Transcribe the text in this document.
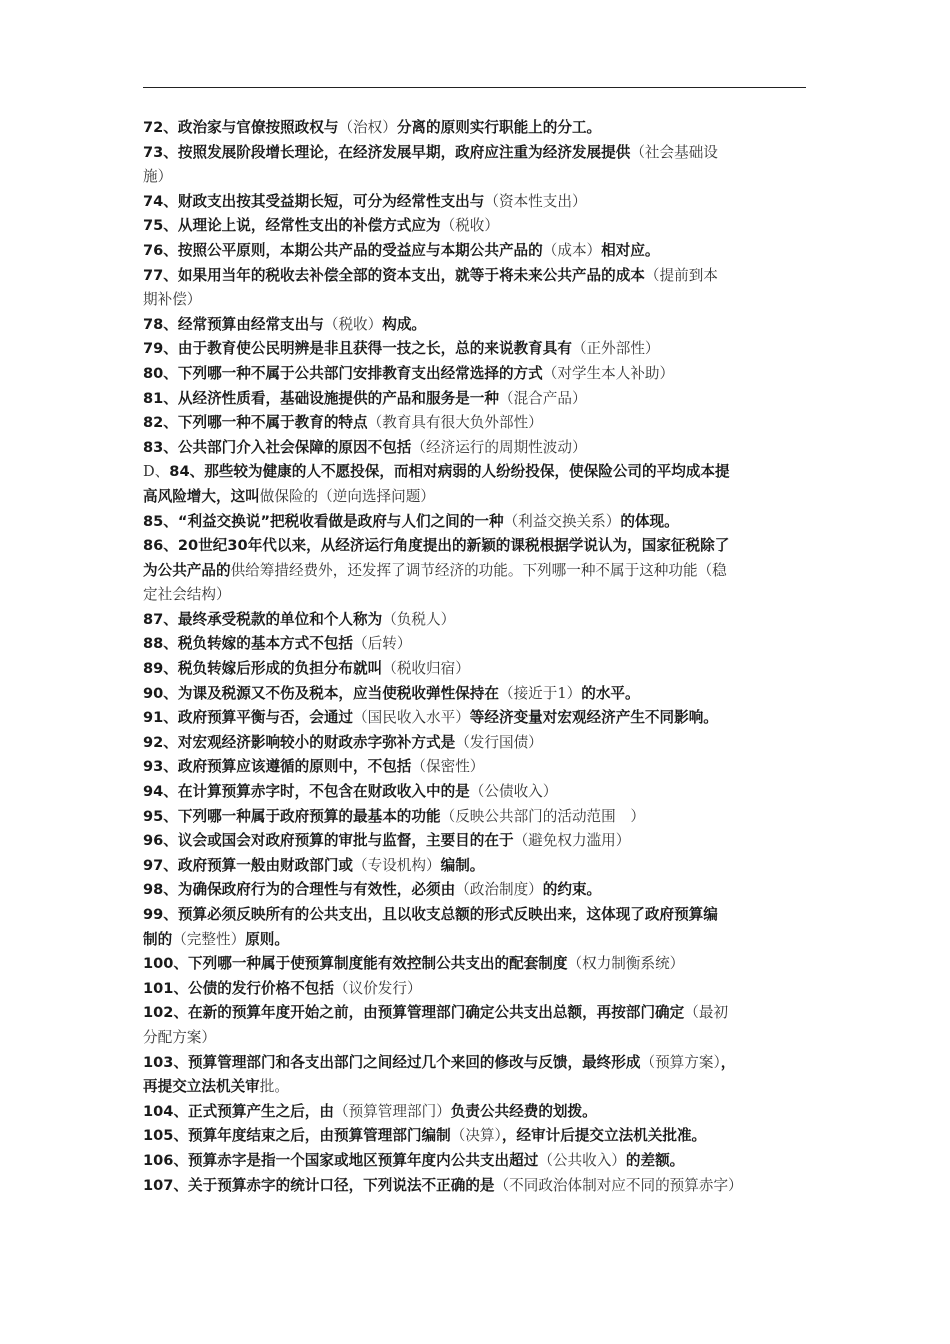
72、政治家与官僚按照政权与（治权）分离的原则实行职能上的分工。
73、按照发展阶段增长理论，在经济发展早期，政府应注重为经济发展提供（社会基础设
施）
74、财政支出按其受益期长短，可分为经常性支出与（资本性支出）
75、从理论上说，经常性支出的补偿方式应为（税收）
76、按照公平原则，本期公共产品的受益应与本期公共产品的（成本）相对应。
77、如果用当年的税收去补偿全部的资本支出，就等于将未来公共产品的成本（提前到本
期补偿）
78、经常预算由经常支出与（税收）构成。
79、由于教育使公民明辨是非且获得一技之长，总的来说教育具有（正外部性）
80、下列哪一种不属于公共部门安排教育支出经常选择的方式（对学生本人补助）
81、从经济性质看，基础设施提供的产品和服务是一种（混合产品）
82、下列哪一种不属于教育的特点（教育具有很大负外部性）
83、公共部门介入社会保障的原因不包括（经济运行的周期性波动）
D、84、那些较为健康的人不愿投保，而相对病弱的人纷纷投保，使保险公司的平均成本提
高风险增大，这叫做保险的（逆向选择问题）
85、“利益交换说”把税收看做是政府与人们之间的一种（利益交换关系）的体现。
86、20世纪30年代以来，从经济运行角度提出的新颖的课税根据学说认为，国家征税除了
为公共产品的供给筹措经费外，还发挥了调节经济的功能。下列哪一种不属于这种功能（稳
定社会结构）
87、最终承受税款的单位和个人称为（负税人）
88、税负转嫁的基本方式不包括（后转）
89、税负转嫁后形成的负担分布就叫（税收归宿）
90、为课及税源又不伤及税本，应当使税收弹性保持在（接近于1）的水平。
91、政府预算平衡与否，会通过（国民收入水平）等经济变量对宏观经济产生不同影响。
92、对宏观经济影响较小的财政赤字弥补方式是（发行国债）
93、政府预算应该遵循的原则中，不包括（保密性）
94、在计算预算赤字时，不包含在财政收入中的是（公债收入）
95、下列哪一种属于政府预算的最基本的功能（反映公共部门的活动范围　）
96、议会或国会对政府预算的审批与监督，主要目的在于（避免权力滥用）
97、政府预算一般由财政部门或（专设机构）编制。
98、为确保政府行为的合理性与有效性，必须由（政治制度）的约束。
99、预算必须反映所有的公共支出，且以收支总额的形式反映出来，这体现了政府预算编
制的（完整性）原则。
100、下列哪一种属于使预算制度能有效控制公共支出的配套制度（权力制衡系统）
101、公债的发行价格不包括（议价发行）
102、在新的预算年度开始之前，由预算管理部门确定公共支出总额，再按部门确定（最初
分配方案）
103、预算管理部门和各支出部门之间经过几个来回的修改与反馈，最终形成（预算方案），
再提交立法机关审批。
104、正式预算产生之后，由（预算管理部门）负责公共经费的划拨。
105、预算年度结束之后，由预算管理部门编制（决算），经审计后提交立法机关批准。
106、预算赤字是指一个国家或地区预算年度内公共支出超过（公共收入）的差额。
107、关于预算赤字的统计口径，下列说法不正确的是（不同政治体制对应不同的预算赤字）
